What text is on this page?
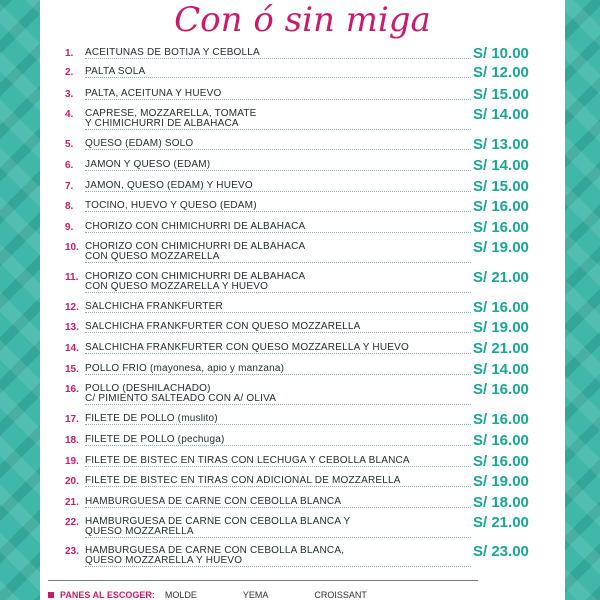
Con ó sin miga
1.	ACEITUNAS DE BOTIJA Y CEBOLLA	S/ 10.00
2.	PALTA SOLA	S/ 12.00
3.	PALTA, ACEITUNA Y HUEVO	S/ 15.00
4.	CAPRESE, MOZZARELLA, TOMATE
Y CHIMICHURRI DE ALBAHACA
S/ 14.00
5.	QUESO (EDAM) SOLO	S/ 13.00
6.	JAMÓN Y QUESO (EDAM)	S/ 14.00
7.	JAMÓN, QUESO (EDAM) Y HUEVO	S/ 15.00
8.	TOCINO, HUEVO Y QUESO (EDAM)	S/ 16.00
9.	CHORIZO CON CHIMICHURRI DE ALBAHACA	S/ 16.00
10. CHORIZO CON CHIMICHURRI DE ALBAHACA
CON QUESO MOZZARELLA
S/ 19.00
11. CHORIZO CON CHIMICHURRI DE ALBAHACA
CON QUESO MOZZARELLA Y HUEVO
S/ 21.00
12. SALCHICHA FRANKFURTER	S/ 16.00
13. SALCHICHA FRANKFURTER CON QUESO MOZZARELLA	S/ 19.00
14. SALCHICHA FRANKFURTER CON QUESO MOZZARELLA Y HUEVO	S/ 21.00
15. POLLO FRÍO (mayonesa, apio y manzana)	S/ 14.00
16. POLLO (DESHILACHADO)
C/ PIMIENTO SALTEADO CON A/ OLIVA
S/ 16.00
17. FILETE DE POLLO (muslito)	S/ 16.00
18. FILETE DE POLLO (pechuga)	S/ 16.00
19. FILETE DE BISTEC EN TIRAS CON LECHUGA Y CEBOLLA BLANCA	S/ 16.00
20. FILETE DE BISTEC EN TIRAS CON ADICIONAL DE MOZZARELLA	S/ 19.00
21. HAMBURGUESA DE CARNE CON CEBOLLA BLANCA	S/ 18.00
22. HAMBURGUESA DE CARNE CON CEBOLLA BLANCA Y
QUESO MOZZARELLA
S/ 21.00
23. HAMBURGUESA DE CARNE CON CEBOLLA BLANCA,
QUESO MOZZARELLA Y HUEVO
S/ 23.00
PANES AL ESCOGER: MOLDE	YEMA	CROISSANT
